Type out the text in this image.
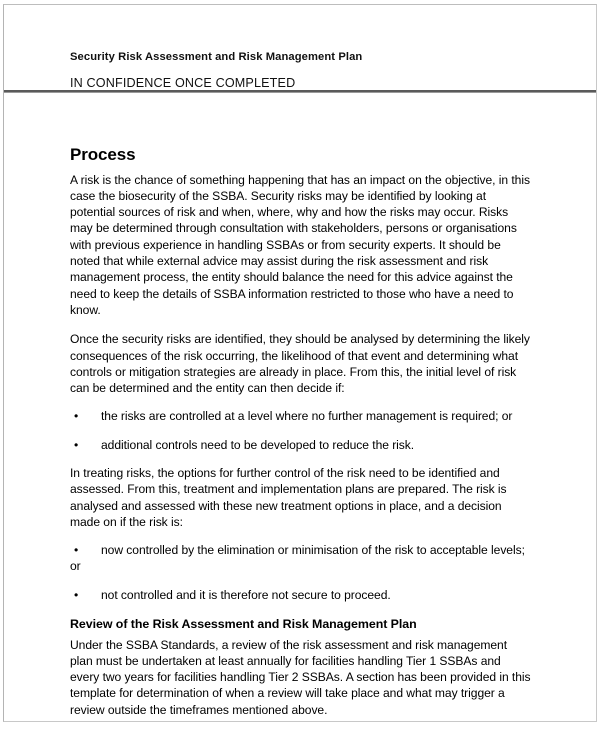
Security Risk Assessment and Risk Management Plan
IN CONFIDENCE ONCE COMPLETED
Process

A risk is the chance of something happening that has an impact on the objective, in this case the biosecurity of the SSBA. Security risks may be identified by looking at potential sources of risk and when, where, why and how the risks may occur. Risks may be determined through consultation with stakeholders, persons or organisations with previous experience in handling SSBAs or from security experts. It should be noted that while external advice may assist during the risk assessment and risk management process, the entity should balance the need for this advice against the need to keep the details of SSBA information restricted to those who have a need to know.

Once the security risks are identified, they should be analysed by determining the likely consequences of the risk occurring, the likelihood of that event and determining what controls or mitigation strategies are already in place. From this, the initial level of risk can be determined and the entity can then decide if:

• the risks are controlled at a level where no further management is required; or
• additional controls need to be developed to reduce the risk.

In treating risks, the options for further control of the risk need to be identified and assessed. From this, treatment and implementation plans are prepared. The risk is analysed and assessed with these new treatment options in place, and a decision made on if the risk is:

•	now controlled by the elimination or minimisation of the risk to acceptable levels;
or
• not controlled and it is therefore not secure to proceed.
Review of the Risk Assessment and Risk Management Plan

Under the SSBA Standards, a review of the risk assessment and risk management plan must be undertaken at least annually for facilities handling Tier 1 SSBAs and every two years for facilities handling Tier 2 SSBAs. A section has been provided in this template for determination of when a review will take place and what may trigger a review outside the timeframes mentioned above.
